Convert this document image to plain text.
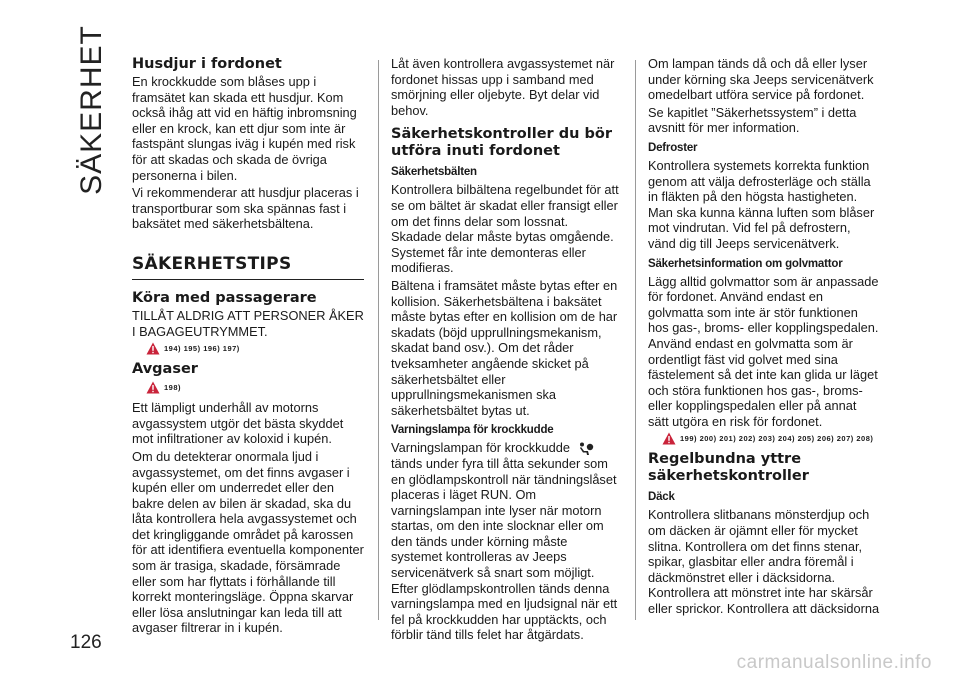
SÄKERHET Husdjur i fordonet

En krockkudde som blåses upp i framsätet kan skada ett husdjur. Kom också ihåg att vid en häftig inbromsning eller en krock, kan ett djur som inte är fastspänt slungas iväg i kupén med risk för att skadas och skada de övriga personerna i bilen.

Vi rekommenderar att husdjur placeras i transportburar som ska spännas fast i baksätet med säkerhetsbältena.

SÄKERHETSTIPS
Köra med passagerare

TILLÅT ALDRIG ATT PERSONER ÅKER I BAGAGEUTRYMMET.

194) 195) 196) 197)
Avgaser
198)

Ett lämpligt underhåll av motorns avgassystem utgör det bästa skyddet mot infiltrationer av koloxid i kupén.

Om du detekterar onormala ljud i avgassystemet, om det finns avgaser i kupén eller om underredet eller den bakre delen av bilen är skadad, ska du låta kontrollera hela avgassystemet och det kringliggande området på karossen för att identifiera eventuella komponenter som är trasiga, skadade, försämrade eller som har flyttats i förhållande till korrekt monteringsläge. Öppna skarvar eller lösa anslutningar kan leda till att avgaser filtrerar in i kupén.

Låt även kontrollera avgassystemet när fordonet hissas upp i samband med smörjning eller oljebyte. Byt delar vid behov.

Säkerhetskontroller du bör utföra inuti fordonet
Säkerhetsbälten

Kontrollera bilbältena regelbundet för att se om bältet är skadat eller fransigt eller om det finns delar som lossnat. Skadade delar måste bytas omgående. Systemet får inte demonteras eller modifieras.

Bältena i framsätet måste bytas efter en kollision. Säkerhetsbältena i baksätet måste bytas efter en kollision om de har skadats (böjd upprullningsmekanism, skadat band osv.). Om det råder tveksamheter angående skicket på säkerhetsbältet eller upprullningsmekanismen ska säkerhetsbältet bytas ut.

Varningslampa för krockkudde

Varningslampan för krockkudde
tänds under fyra till åtta sekunder som en glödlampskontroll när tändningslåset placeras i läget RUN. Om varningslampan inte lyser när motorn startas, om den inte slocknar eller om den tänds under körning måste systemet kontrolleras av Jeeps servicenätverk så snart som möjligt. Efter glödlampskontrollen tänds denna varningslampa med en ljudsignal när ett fel på krockkudden har upptäckts, och förblir tänd tills felet har åtgärdats.

Om lampan tänds då och då eller lyser under körning ska Jeeps servicenätverk omedelbart utföra service på fordonet.

Se kapitlet ”Säkerhetssystem” i detta avsnitt för mer information.

Defroster

Kontrollera systemets korrekta funktion genom att välja defrosterläge och ställa in fläkten på den högsta hastigheten. Man ska kunna känna luften som blåser mot vindrutan. Vid fel på defrostern, vänd dig till Jeeps servicenätverk.

Säkerhetsinformation om golvmattor

Lägg alltid golvmattor som är anpassade för fordonet. Använd endast en golvmatta som inte är stör funktionen hos gas-, broms- eller kopplingspedalen. Använd endast en golvmatta som är ordentligt fäst vid golvet med sina fästelement så det inte kan glida ur läget och störa funktionen hos gas-, broms- eller kopplingspedalen eller på annat sätt utgöra en risk för fordonet.

199) 200) 201) 202) 203) 204) 205) 206) 207) 208)
Regelbundna yttre säkerhetskontroller
Däck

Kontrollera slitbanans mönsterdjup och om däcken är ojämnt eller för mycket slitna. Kontrollera om det finns stenar, spikar, glasbitar eller andra föremål i däckmönstret eller i däcksidorna. Kontrollera att mönstret inte har skärsår eller sprickor. Kontrollera att däcksidorna

126
carmanualsonline.info
